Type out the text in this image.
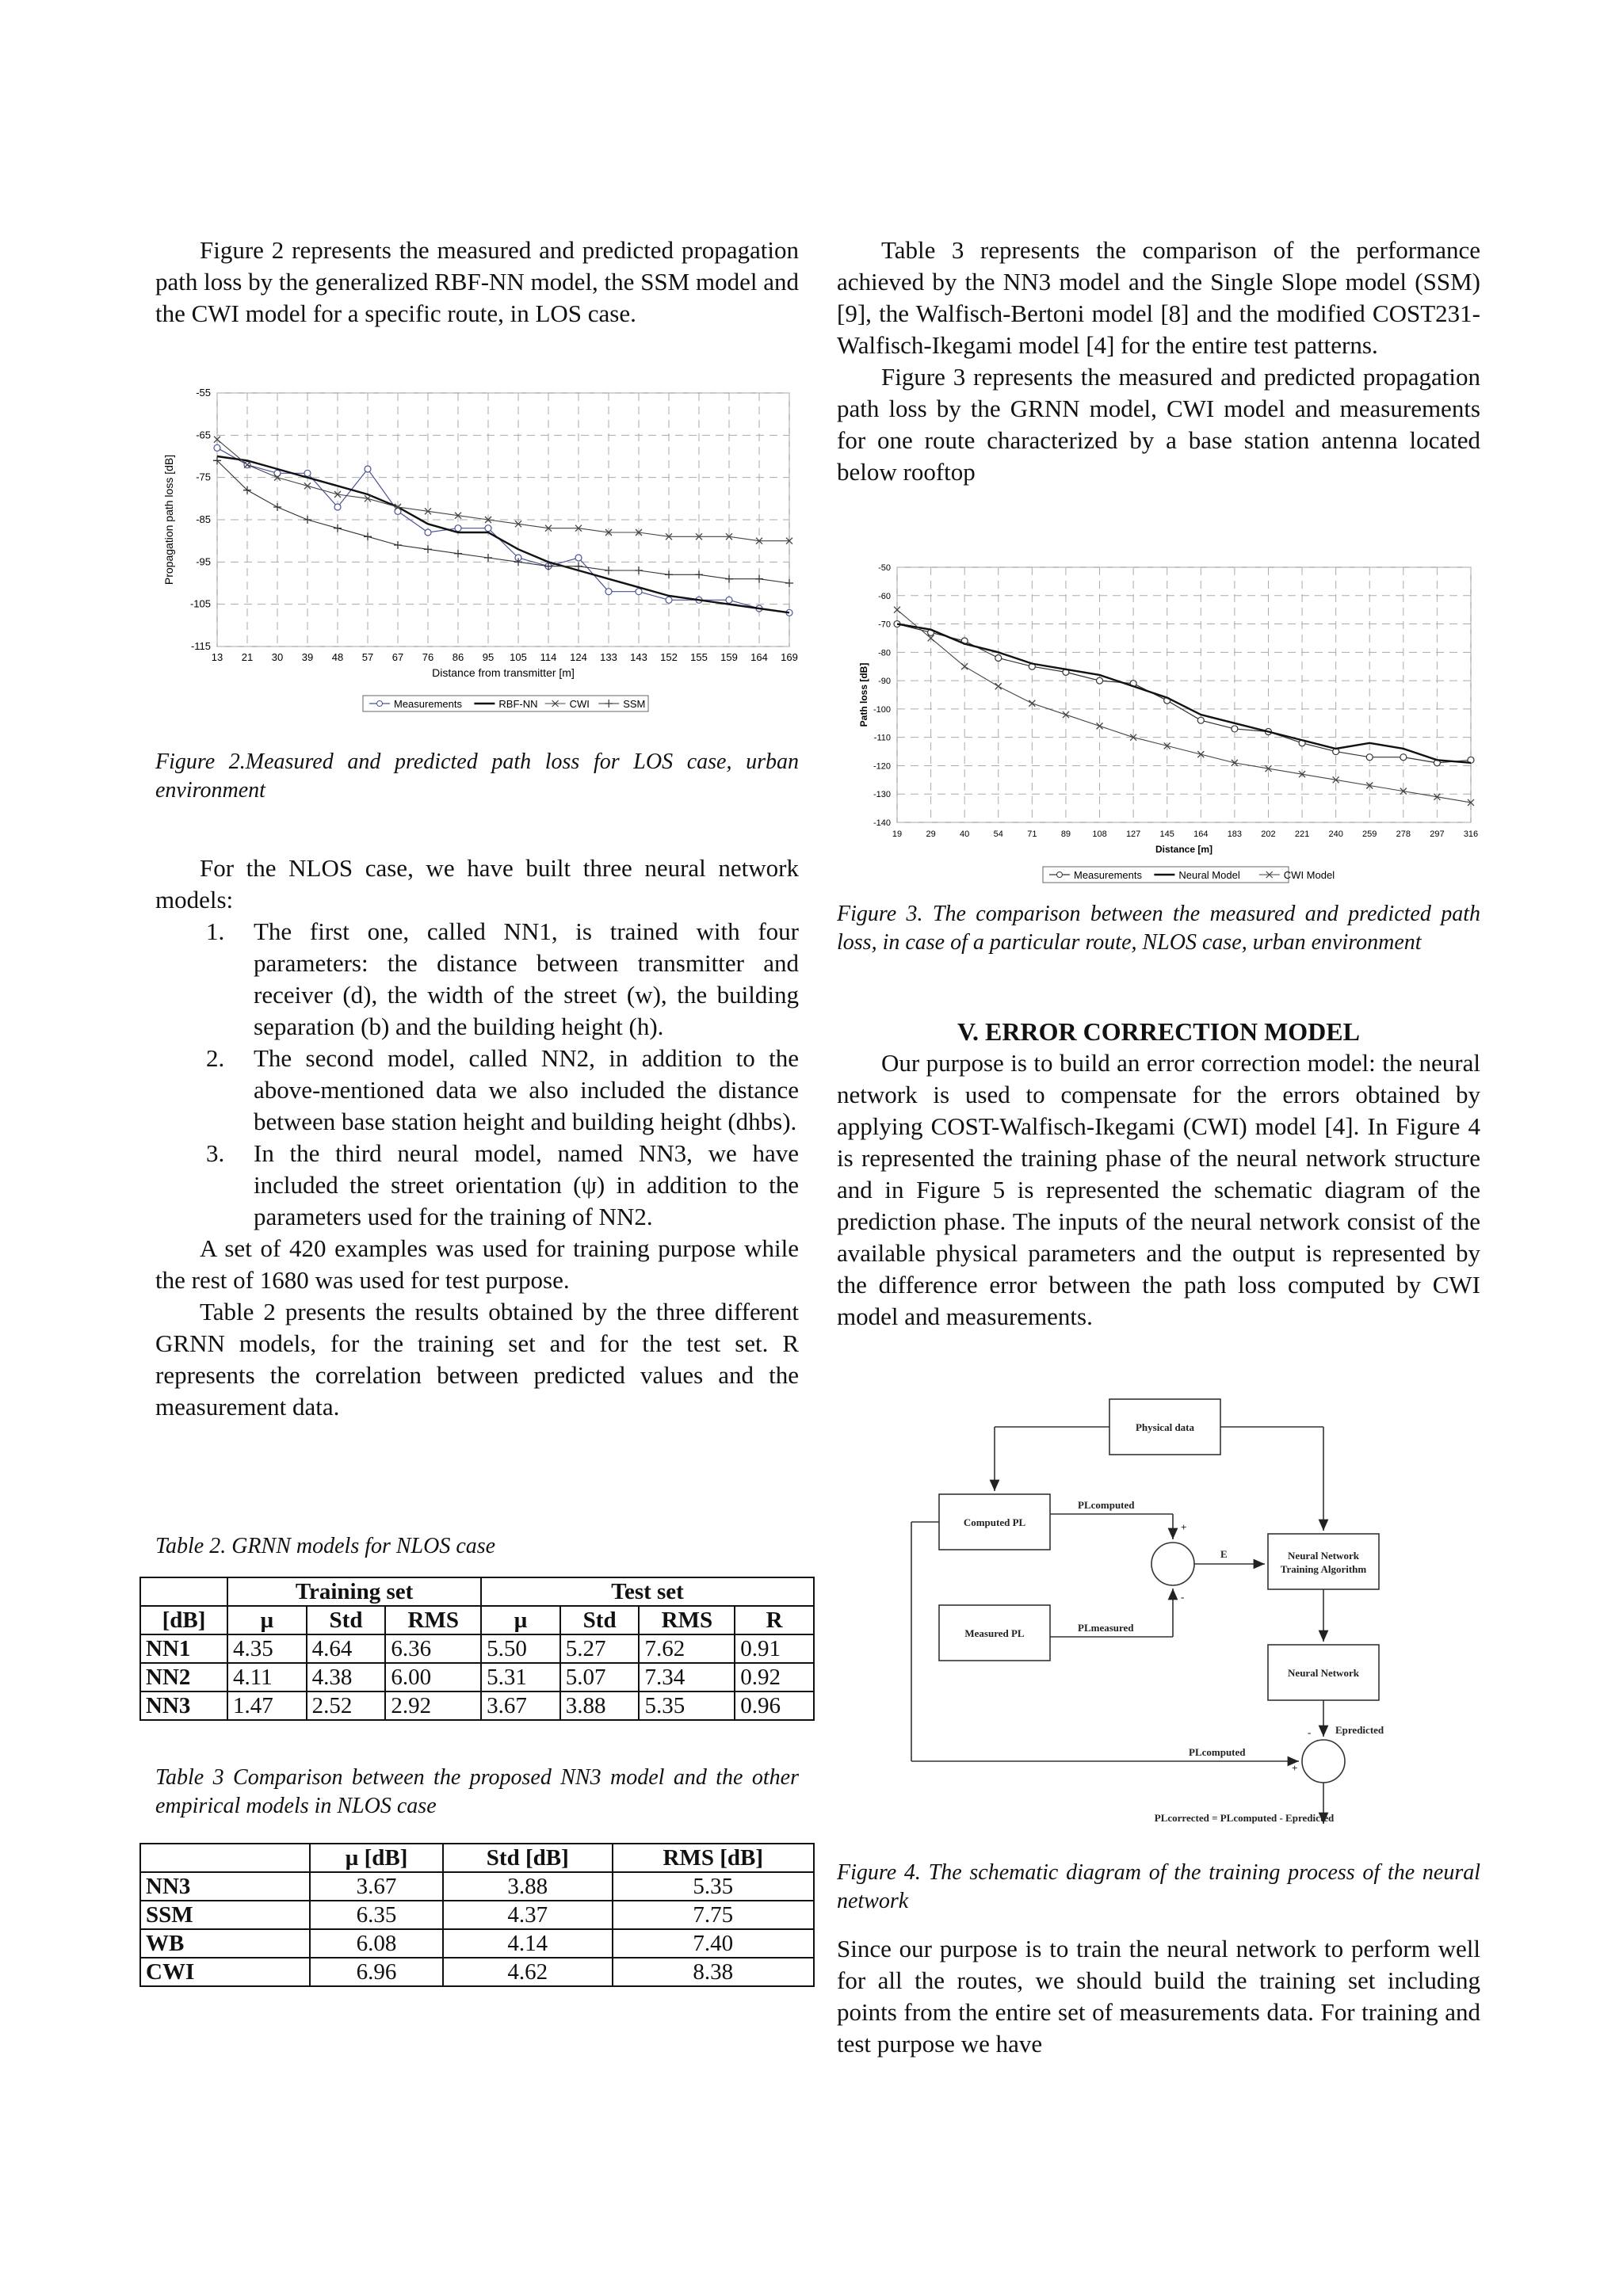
Figure 2 represents the measured and predicted propagation path loss by the generalized RBF-NN model, the SSM model and the CWI model for a specific route, in LOS case.

-55
-65
-75
-85
-95
-105
-115
13 21 30 39 48 57 67 76 86 95 105 114 124 133 143 152 155 159 164 169
Distance from transmitter [m]
Propagation path loss [dB]
Measurements	RBF-NN	CWI	SSM

Figure 2.Measured and predicted path loss for LOS case, urban environment

For the NLOS case, we have built three neural network models:

1. The first one, called NN1, is trained with four parameters: the distance between transmitter and receiver (d), the width of the street (w), the building separation (b) and the building height (h).
2. The second model, called NN2, in addition to the above-mentioned data we also included the distance between base station height and building height (dhbs).
3. In the third neural model, named NN3, we have included the street orientation (ψ) in addition to the parameters used for the training of NN2.

A set of 420 examples was used for training purpose while the rest of 1680 was used for test purpose.

Table 2 presents the results obtained by the three different GRNN models, for the training set and for the test set. R represents the correlation between predicted values and the measurement data.

Table 2. GRNN models for NLOS case

	Training set			Test set			
[dB]	µ	Std	RMS	µ	Std	RMS	R
NN1	4.35	4.64	6.36	5.50	5.27	7.62	0.91
NN2	4.11	4.38	6.00	5.31	5.07	7.34	0.92
NN3	1.47	2.52	2.92	3.67	3.88	5.35	0.96

Table 3 Comparison between the proposed NN3 model and the other empirical models in NLOS case

	µ [dB]	Std [dB]	RMS [dB]
NN3	3.67	3.88	5.35
SSM	6.35	4.37	7.75
WB	6.08	4.14	7.40
CWI	6.96	4.62	8.38

Table 3 represents the comparison of the performance achieved by the NN3 model and the Single Slope model (SSM) [9], the Walfisch-Bertoni model [8] and the modified COST231-Walfisch-Ikegami model [4] for the entire test patterns.

Figure 3 represents the measured and predicted propagation path loss by the GRNN model, CWI model and measurements for one route characterized by a base station antenna located below rooftop

-50
-60
-70
-80
-90
-100
-110
-120
-130
-140
19	29	40	54	71	89 108 127 145 164 183 202 221 240 259 278 297 316
Distance [m]
Path loss [dB]
Measurements	Neural Model	CWI Model

Figure 3. The comparison between the measured and predicted path loss, in case of a particular route, NLOS case, urban environment

V. ERROR CORRECTION MODEL

Our purpose is to build an error correction model: the neural network is used to compensate for the errors obtained by applying COST-Walfisch-Ikegami (CWI) model [4]. In Figure 4 is represented the training phase of the neural network structure and in Figure 5 is represented the schematic diagram of the prediction phase. The inputs of the neural network consist of the available physical parameters and the output is represented by the difference error between the path loss computed by CWI model and measurements.

Physical data
Computed PL
Measured PL
Neural Network
Training Algorithm
Neural Network
PLcomputed
PLmeasured
E
+
-
-
+
Epredicted
PLcomputed
PLcorrected = PLcomputed - Epredicted

Figure 4. The schematic diagram of the training process of the neural network

Since our purpose is to train the neural network to perform well for all the routes, we should build the training set including points from the entire set of measurements data. For training and test purpose we have
